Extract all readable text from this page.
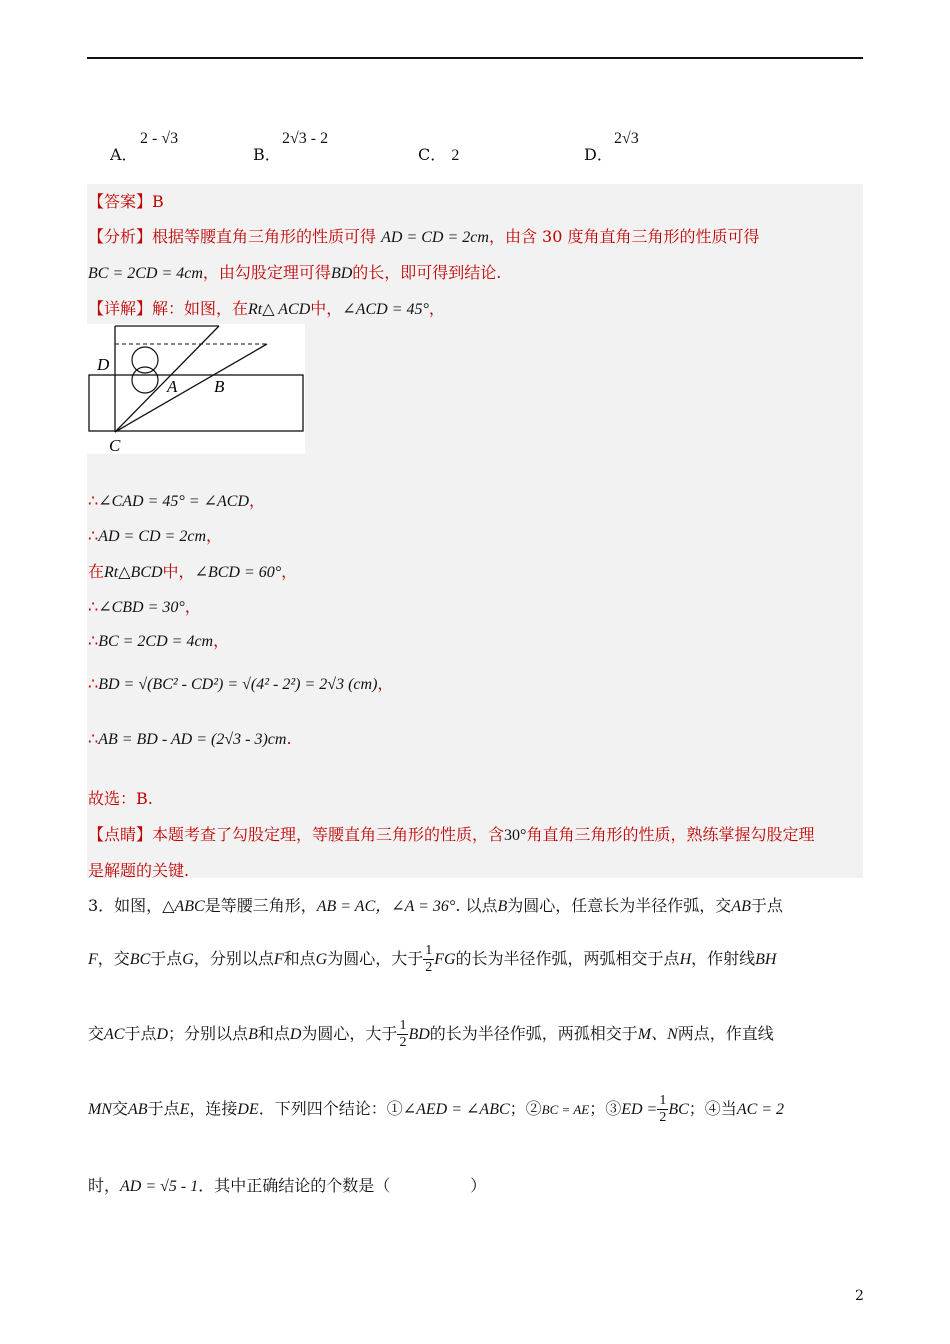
A．
2 - √3
B．
2√3 - 2
C． 2	D．
2√3
【答案】B
【分析】根据等腰直角三角形的性质可得 AD = CD = 2cm，由含 30 度角直角三角形的性质可得
BC = 2CD = 4cm，由勾股定理可得BD的长，即可得到结论.
【详解】解：如图，在Rt△ ACD中，∠ACD = 45°，
D
A B
C
∴∠CAD = 45° = ∠ACD，
∴AD = CD = 2cm，
在Rt△BCD中，∠BCD = 60°，
∴∠CBD = 30°，
∴BC = 2CD = 4cm，
∴BD = √(BC² - CD²) = √(4² - 2²) = 2√3 (cm)，
∴AB = BD - AD = (2√3 - 3)cm.
故选：B.
【点睛】本题考查了勾股定理，等腰直角三角形的性质，含30°角直角三角形的性质，熟练掌握勾股定理
是解题的关键.
3．如图，△ABC是等腰三角形，AB = AC，∠A = 36°. 以点B为圆心，任意长为半径作弧，交AB于点
F，交BC于点G，分别以点F和点G为圆心，大于 $\frac{1}{2}$ FG的长为半径作弧，两弧相交于点H，作射线BH
交AC于点D；分别以点B和点D为圆心，大于 $\frac{1}{2}$ BD的长为半径作弧，两孤相交于M、N两点，作直线
MN交AB于点E，连接DE．下列四个结论：①∠AED = ∠ABC；②BC = AE；③ED = $\frac{1}{2}$ BC；④当AC = 2
时，AD = √5 - 1．其中正确结论的个数是（　　　　　）
2
